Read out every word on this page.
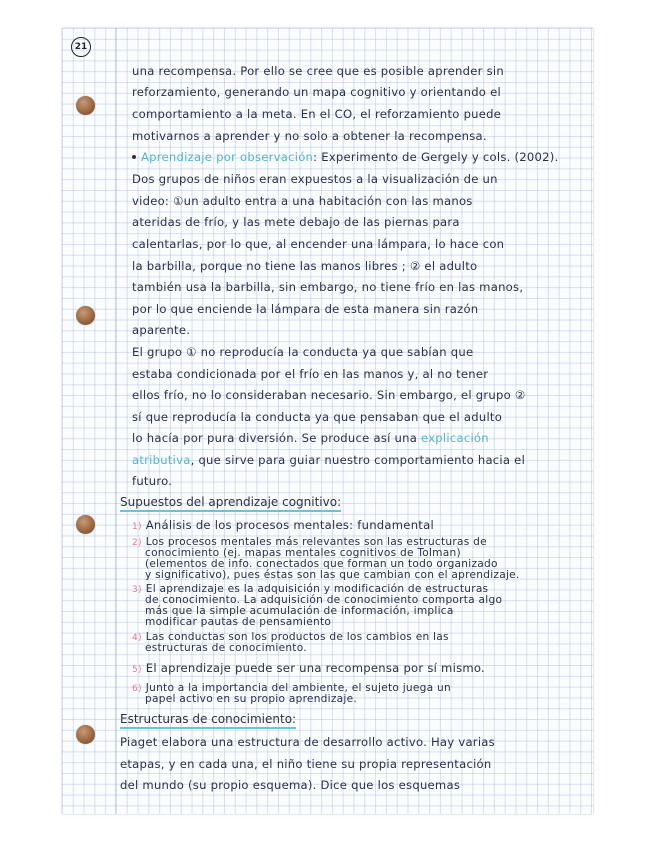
21
una recompensa. Por ello se cree que es posible aprender sin
reforzamiento, generando un mapa cognitivo y orientando el
comportamiento a la meta. En el CO, el reforzamiento puede
motivarnos a aprender y no solo a obtener la recompensa.
Aprendizaje por observación: Experimento de Gergely y cols. (2002).
Dos grupos de niños eran expuestos a la visualización de un
video: ①un adulto entra a una habitación con las manos
ateridas de frío, y las mete debajo de las piernas para
calentarlas, por lo que, al encender una lámpara, lo hace con
la barbilla, porque no tiene las manos libres ; ② el adulto
también usa la barbilla, sin embargo, no tiene frío en las manos,
por lo que enciende la lámpara de esta manera sin razón
aparente.
El grupo ① no reproducía la conducta ya que sabían que
estaba condicionada por el frío en las manos y, al no tener
ellos frío, no lo consideraban necesario. Sin embargo, el grupo ②
sí que reproducía la conducta ya que pensaban que el adulto
lo hacía por pura diversión. Se produce así una explicación
atributiva, que sirve para guiar nuestro comportamiento hacia el
futuro.
Supuestos del aprendizaje cognitivo:
1) Análisis de los procesos mentales: fundamental
2) Los procesos mentales más relevantes son las estructuras de
conocimiento (ej. mapas mentales cognitivos de Tolman)
(elementos de info. conectados que forman un todo organizado
y significativo), pues éstas son las que cambian con el aprendizaje.
3) El aprendizaje es la adquisición y modificación de estructuras
de conocimiento. La adquisición de conocimiento comporta algo
más que la simple acumulación de información, implica
modificar pautas de pensamiento
4) Las conductas son los productos de los cambios en las
estructuras de conocimiento.
5) El aprendizaje puede ser una recompensa por sí mismo.
6) Junto a la importancia del ambiente, el sujeto juega un
papel activo en su propio aprendizaje.
Estructuras de conocimiento:
Piaget elabora una estructura de desarrollo activo. Hay varias
etapas, y en cada una, el niño tiene su propia representación
del mundo (su propio esquema). Dice que los esquemas
